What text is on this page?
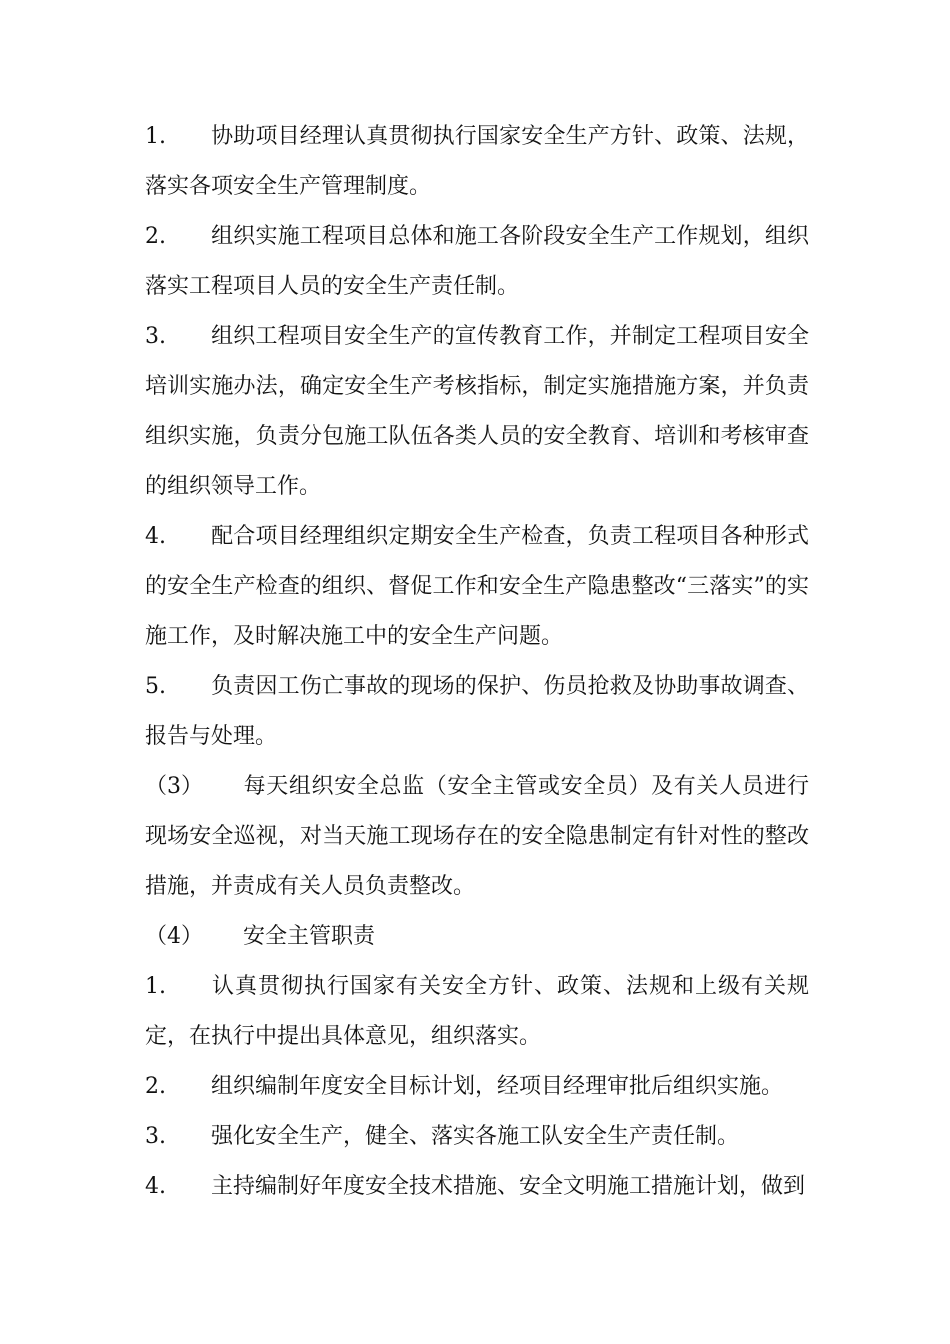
1. 协助项目经理认真贯彻执行国家安全生产方针、政策、法规，落实各项安全生产管理制度。

2. 组织实施工程项目总体和施工各阶段安全生产工作规划，组织落实工程项目人员的安全生产责任制。

3. 组织工程项目安全生产的宣传教育工作，并制定工程项目安全培训实施办法，确定安全生产考核指标，制定实施措施方案，并负责组织实施，负责分包施工队伍各类人员的安全教育、培训和考核审查的组织领导工作。

4. 配合项目经理组织定期安全生产检查，负责工程项目各种形式的安全生产检查的组织、督促工作和安全生产隐患整改“三落实”的实施工作，及时解决施工中的安全生产问题。

5. 负责因工伤亡事故的现场的保护、伤员抢救及协助事故调查、报告与处理。

（3） 每天组织安全总监（安全主管或安全员）及有关人员进行现场安全巡视，对当天施工现场存在的安全隐患制定有针对性的整改措施，并责成有关人员负责整改。

（4） 安全主管职责

1. 认真贯彻执行国家有关安全方针、政策、法规和上级有关规定，在执行中提出具体意见，组织落实。

2. 组织编制年度安全目标计划，经项目经理审批后组织实施。

3. 强化安全生产，健全、落实各施工队安全生产责任制。

4. 主持编制好年度安全技术措施、安全文明施工措施计划，做到
